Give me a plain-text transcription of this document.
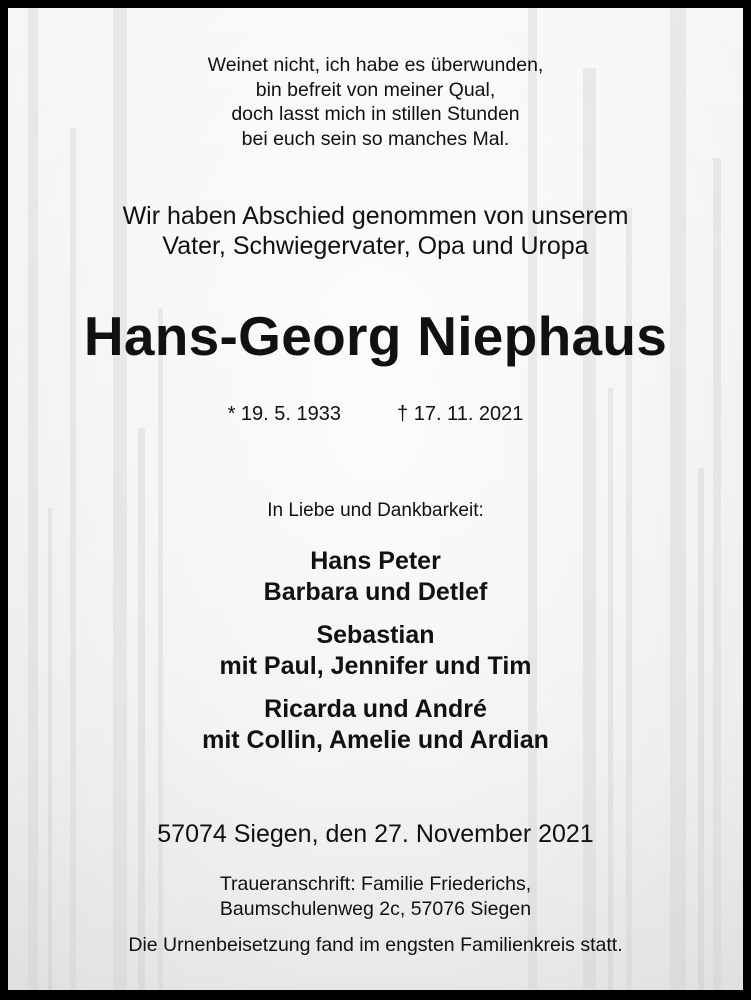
Weinet nicht, ich habe es überwunden,
bin befreit von meiner Qual,
doch lasst mich in stillen Stunden
bei euch sein so manches Mal.
Wir haben Abschied genommen von unserem
Vater, Schwiegervater, Opa und Uropa
Hans-Georg Niephaus
* 19. 5. 1933	† 17. 11. 2021
In Liebe und Dankbarkeit:
Hans Peter
Barbara und Detlef
Sebastian
mit Paul, Jennifer und Tim
Ricarda und André
mit Collin, Amelie und Ardian
57074 Siegen, den 27. November 2021
Traueranschrift: Familie Friederichs,
Baumschulenweg 2c, 57076 Siegen
Die Urnenbeisetzung fand im engsten Familienkreis statt.
